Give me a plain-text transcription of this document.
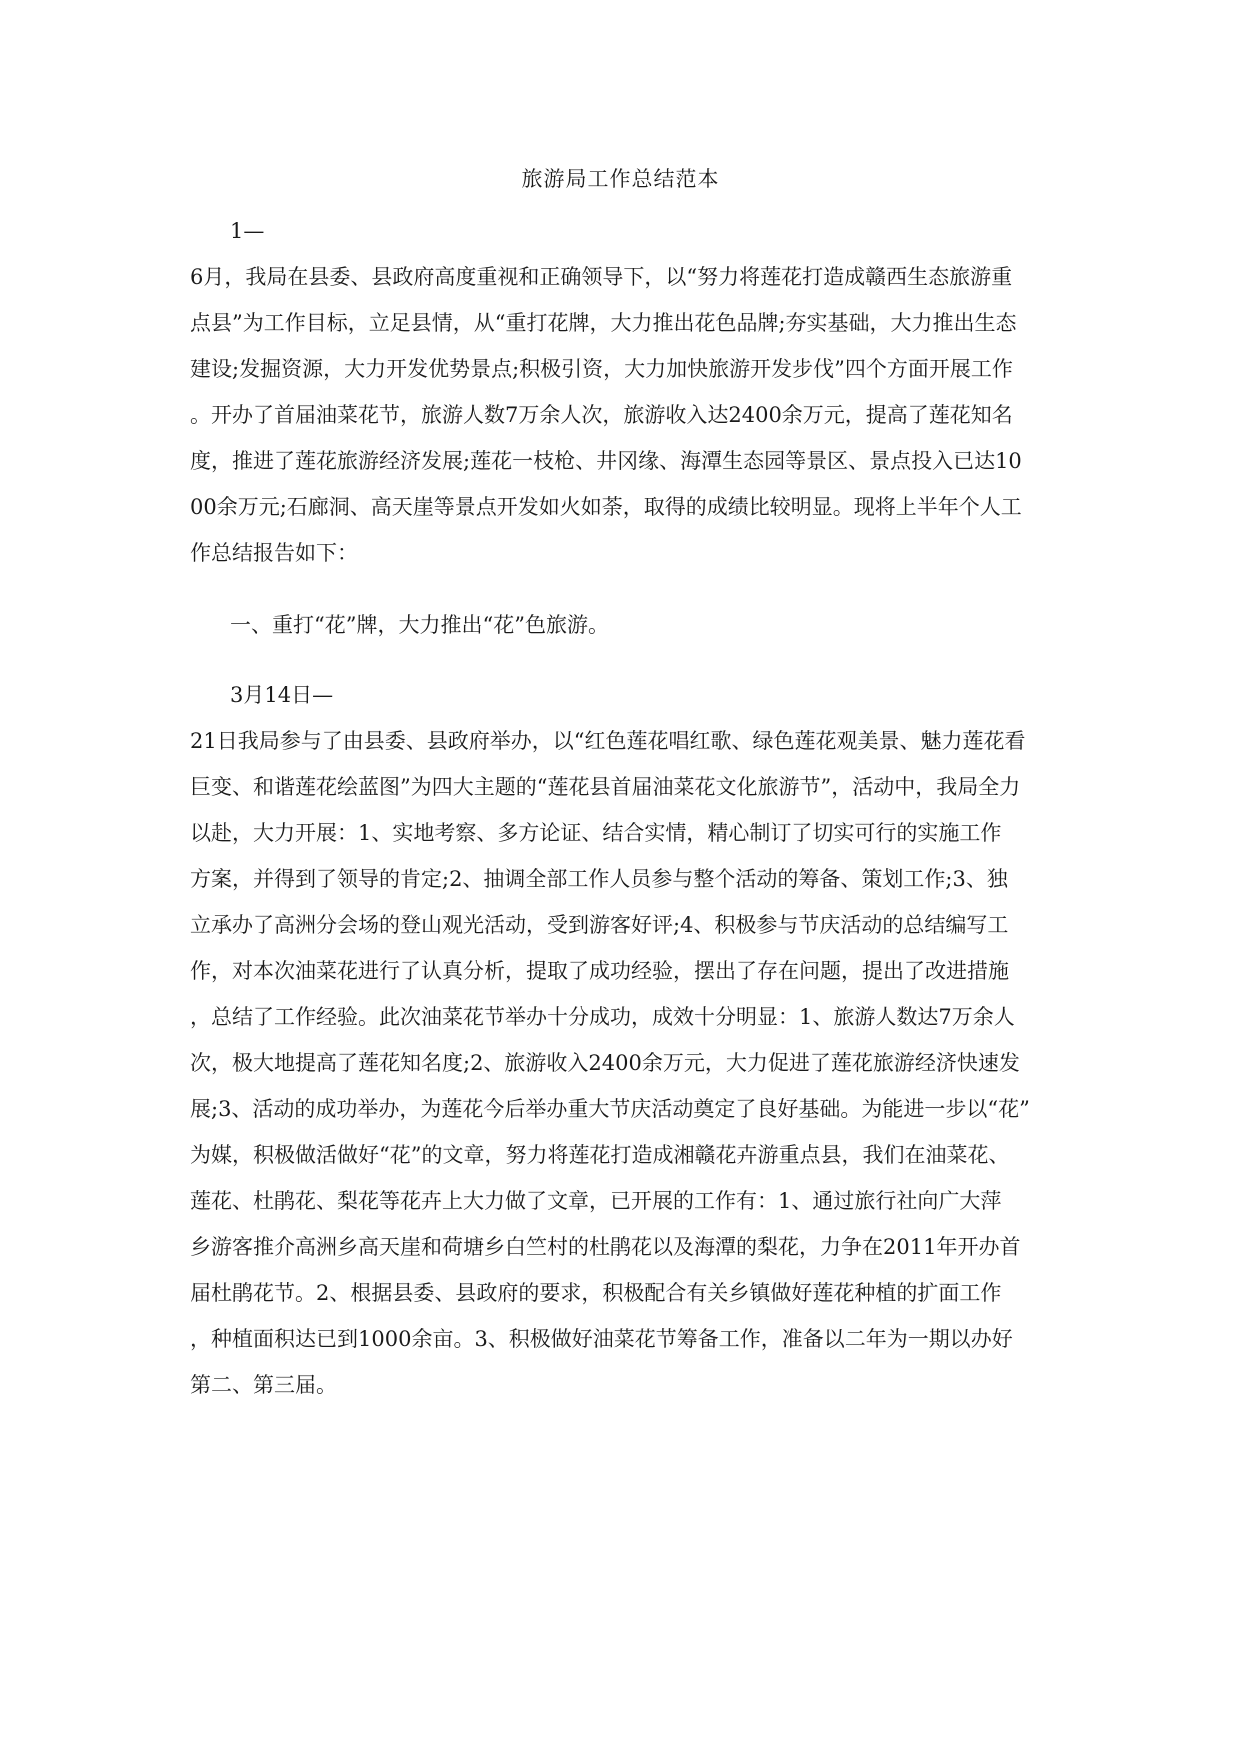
旅游局工作总结范本
1—
6月，我局在县委、县政府高度重视和正确领导下，以“努力将莲花打造成赣西生态旅游重
点县”为工作目标，立足县情，从“重打花牌，大力推出花色品牌;夯实基础，大力推出生态
建设;发掘资源，大力开发优势景点;积极引资，大力加快旅游开发步伐”四个方面开展工作
。开办了首届油菜花节，旅游人数7万余人次，旅游收入达2400余万元，提高了莲花知名
度，推进了莲花旅游经济发展;莲花一枝枪、井冈缘、海潭生态园等景区、景点投入已达10
00余万元;石廊洞、高天崖等景点开发如火如荼，取得的成绩比较明显。现将上半年个人工
作总结报告如下：
一、重打“花”牌，大力推出“花”色旅游。
3月14日—
21日我局参与了由县委、县政府举办，以“红色莲花唱红歌、绿色莲花观美景、魅力莲花看
巨变、和谐莲花绘蓝图”为四大主题的“莲花县首届油菜花文化旅游节”，活动中，我局全力
以赴，大力开展：1、实地考察、多方论证、结合实情，精心制订了切实可行的实施工作
方案，并得到了领导的肯定;2、抽调全部工作人员参与整个活动的筹备、策划工作;3、独
立承办了高洲分会场的登山观光活动，受到游客好评;4、积极参与节庆活动的总结编写工
作，对本次油菜花进行了认真分析，提取了成功经验，摆出了存在问题，提出了改进措施
，总结了工作经验。此次油菜花节举办十分成功，成效十分明显：1、旅游人数达7万余人
次，极大地提高了莲花知名度;2、旅游收入2400余万元，大力促进了莲花旅游经济快速发
展;3、活动的成功举办，为莲花今后举办重大节庆活动奠定了良好基础。为能进一步以“花”
为媒，积极做活做好“花”的文章，努力将莲花打造成湘赣花卉游重点县，我们在油菜花、
莲花、杜鹃花、梨花等花卉上大力做了文章，已开展的工作有：1、通过旅行社向广大萍
乡游客推介高洲乡高天崖和荷塘乡白竺村的杜鹃花以及海潭的梨花，力争在2011年开办首
届杜鹃花节。2、根据县委、县政府的要求，积极配合有关乡镇做好莲花种植的扩面工作
，种植面积达已到1000余亩。3、积极做好油菜花节筹备工作，准备以二年为一期以办好
第二、第三届。
